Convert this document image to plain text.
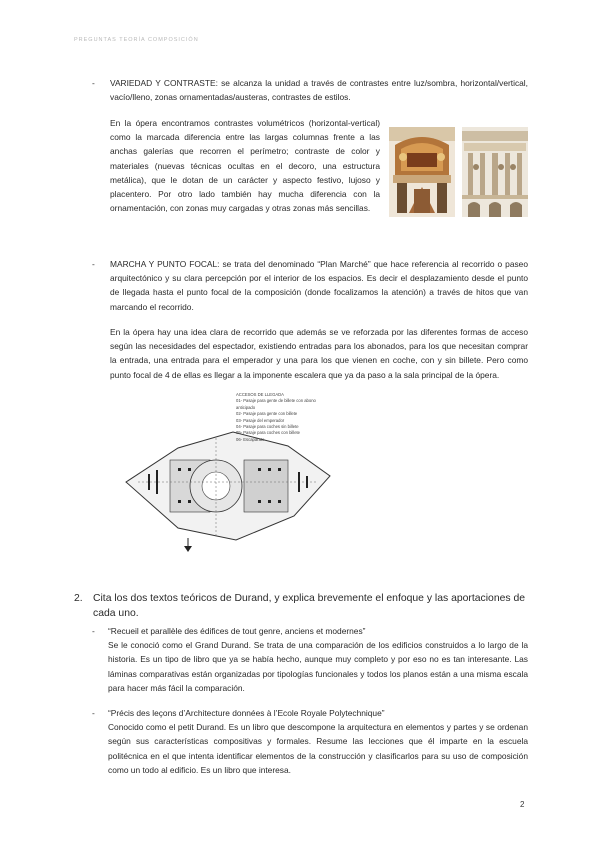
PREGUNTAS TEORÍA COMPOSICIÓN
- VARIEDAD Y CONTRASTE: se alcanza la unidad a través de contrastes entre luz/sombra, horizontal/vertical, vacío/lleno, zonas ornamentadas/austeras, contrastes de estilos.

En la ópera encontramos contrastes volumétricos (horizontal-vertical) como la marcada diferencia entre las largas columnas frente a las anchas galerías que recorren el perímetro; contraste de color y materiales (nuevas técnicas ocultas en el decoro, una estructura metálica), que le dotan de un carácter y aspecto festivo, lujoso y placentero. Por otro lado también hay mucha diferencia con la ornamentación, con zonas muy cargadas y otras zonas más sencillas.

- MARCHA Y PUNTO FOCAL: se trata del denominado “Plan Marché” que hace referencia al recorrido o paseo arquitectónico y su clara percepción por el interior de los espacios. Es decir el desplazamiento desde el punto de llegada hasta el punto focal de la composición (donde focalizamos la atención) a través de hitos que van marcando el recorrido.

En la ópera hay una idea clara de recorrido que además se ve reforzada por las diferentes formas de acceso según las necesidades del espectador, existiendo entradas para los abonados, para los que necesitan comprar la entrada, una entrada para el emperador y una para los que vienen en coche, con y sin billete. Pero como punto focal de 4 de ellas es llegar a la imponente escalera que ya da paso a la sala principal de la ópera.

ACCESOS DE LLEGADA
01- Pasaje para gente de billete con abono anticipado
02- Pasaje para gente con billete
03- Pasaje del emperador
04- Pasaje para coches sin billete
05- Pasaje para coches con billete
06- Escaparate
2. Cita los dos textos teóricos de Durand, y explica brevemente el enfoque y las aportaciones de cada uno.
- “Recueil et parallèle des édifices de tout genre, anciens et modernes”

Se le conoció como el Grand Durand. Se trata de una comparación de los edificios construidos a lo largo de la historia. Es un tipo de libro que ya se había hecho, aunque muy completo y por eso no es tan interesante. Las láminas comparativas están organizadas por tipologías funcionales y todos los planos están a una misma escala para hacer más fácil la comparación.

- “Précis des leçons d’Architecture données à l’Ecole Royale Polytechnique”

Conocido como el petit Durand. Es un libro que descompone la arquitectura en elementos y partes y se ordenan según sus características compositivas y formales. Resume las lecciones que él imparte en la escuela politécnica en el que intenta identificar elementos de la construcción y clasificarlos para su uso de composición como un todo al edificio. Es un libro que interesa.

2
